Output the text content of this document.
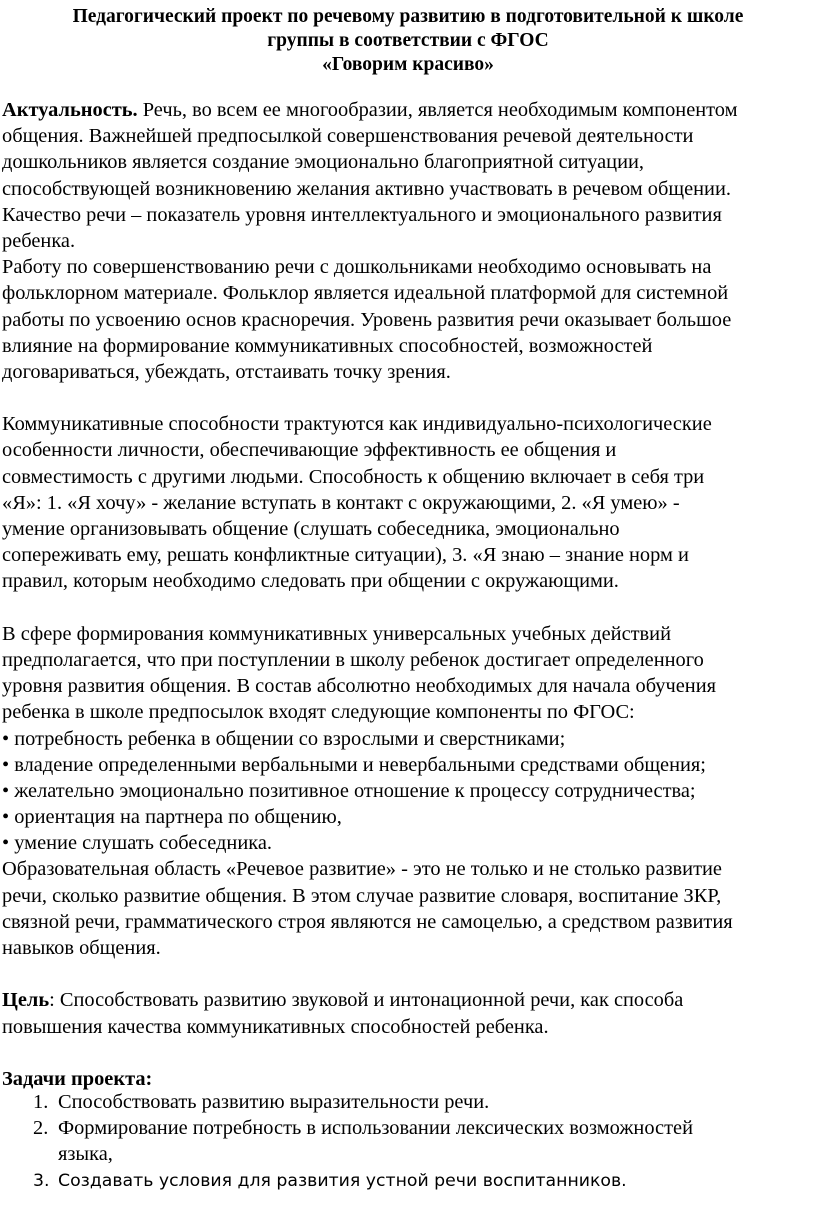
Педагогический проект по речевому развитию в подготовительной к школе
группы в соответствии с ФГОС
«Говорим красиво»
Актуальность. Речь, во всем ее многообразии, является необходимым компонентом
общения. Важнейшей предпосылкой совершенствования речевой деятельности
дошкольников является создание эмоционально благоприятной ситуации,
способствующей возникновению желания активно участвовать в речевом общении.
Качество речи – показатель уровня интеллектуального и эмоционального развития
ребенка.
Работу по совершенствованию речи с дошкольниками необходимо основывать на
фольклорном материале. Фольклор является идеальной платформой для системной
работы по усвоению основ красноречия. Уровень развития речи оказывает большое
влияние на формирование коммуникативных способностей, возможностей
договариваться, убеждать, отстаивать точку зрения.
Коммуникативные способности трактуются как индивидуально-психологические
особенности личности, обеспечивающие эффективность ее общения и
совместимость с другими людьми. Способность к общению включает в себя три
«Я»: 1. «Я хочу» - желание вступать в контакт с окружающими, 2. «Я умею» -
умение организовывать общение (слушать собеседника, эмоционально
сопереживать ему, решать конфликтные ситуации), 3. «Я знаю – знание норм и
правил, которым необходимо следовать при общении с окружающими.
В сфере формирования коммуникативных универсальных учебных действий
предполагается, что при поступлении в школу ребенок достигает определенного
уровня развития общения. В состав абсолютно необходимых для начала обучения
ребенка в школе предпосылок входят следующие компоненты по ФГОС:
• потребность ребенка в общении со взрослыми и сверстниками;
• владение определенными вербальными и невербальными средствами общения;
• желательно эмоционально позитивное отношение к процессу сотрудничества;
• ориентация на партнера по общению,
• умение слушать собеседника.
Образовательная область «Речевое развитие» - это не только и не столько развитие
речи, сколько развитие общения. В этом случае развитие словаря, воспитание ЗКР,
связной речи, грамматического строя являются не самоцелью, а средством развития
навыков общения.
Цель: Способствовать развитию звуковой и интонационной речи, как способа
повышения качества коммуникативных способностей ребенка.
Задачи проекта:
1. Способствовать развитию выразительности речи.
2. Формирование потребность в использовании лексических возможностей
языка,
3. Создавать условия для развития устной речи воспитанников.
